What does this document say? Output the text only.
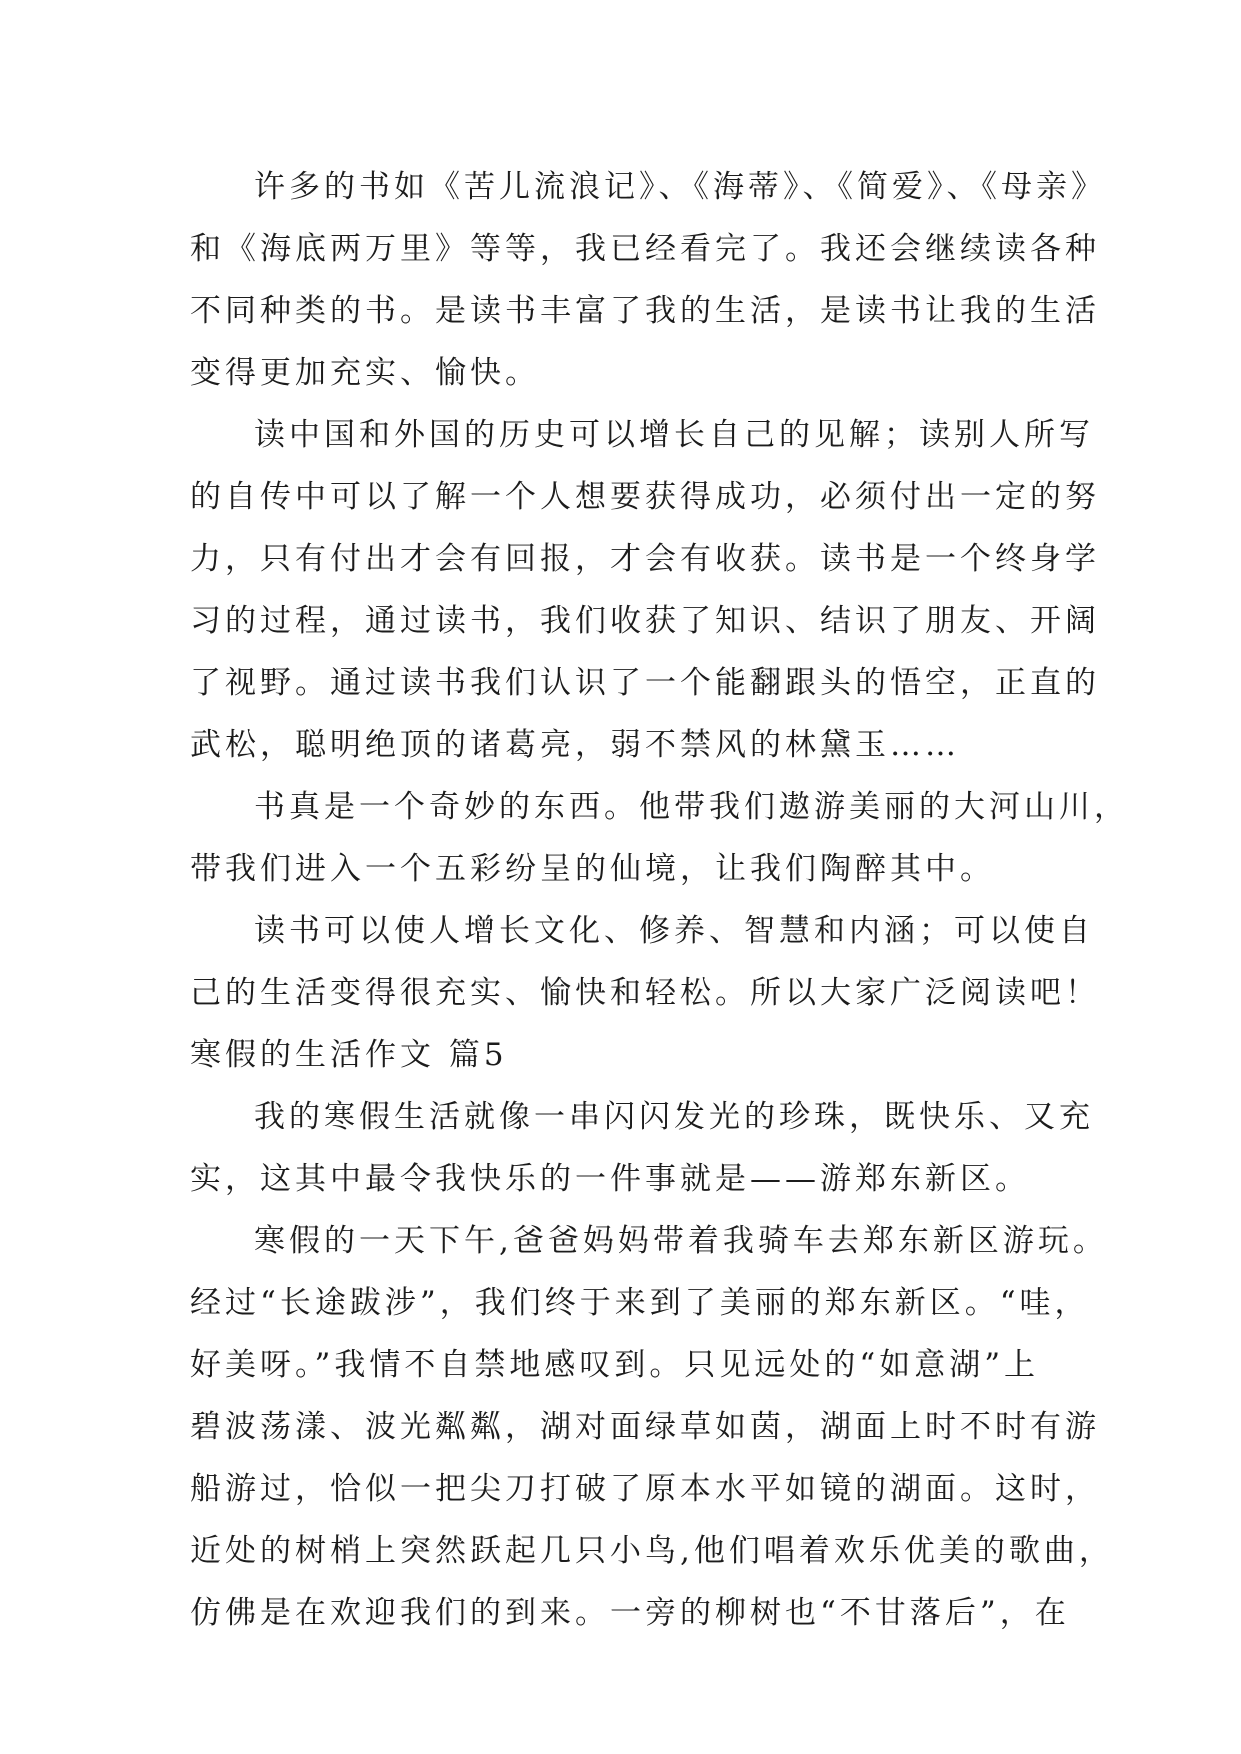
许多的书如《苦儿流浪记》、《海蒂》、《简爱》、《母亲》
和《海底两万里》等等，我已经看完了。我还会继续读各种
不同种类的书。是读书丰富了我的生活，是读书让我的生活
变得更加充实、愉快。
读中国和外国的历史可以增长自己的见解；读别人所写
的自传中可以了解一个人想要获得成功，必须付出一定的努
力，只有付出才会有回报，才会有收获。读书是一个终身学
习的过程，通过读书，我们收获了知识、结识了朋友、开阔
了视野。通过读书我们认识了一个能翻跟头的悟空，正直的
武松，聪明绝顶的诸葛亮，弱不禁风的林黛玉……
书真是一个奇妙的东西。他带我们遨游美丽的大河山川，
带我们进入一个五彩纷呈的仙境，让我们陶醉其中。
读书可以使人增长文化、修养、智慧和内涵；可以使自
己的生活变得很充实、愉快和轻松。所以大家广泛阅读吧！
寒假的生活作文 篇5
我的寒假生活就像一串闪闪发光的珍珠，既快乐、又充
实，这其中最令我快乐的一件事就是——游郑东新区。
寒假的一天下午,爸爸妈妈带着我骑车去郑东新区游玩。
经过“长途跋涉”，我们终于来到了美丽的郑东新区。“哇，
好美呀。”我情不自禁地感叹到。只见远处的“如意湖”上
碧波荡漾、波光粼粼，湖对面绿草如茵，湖面上时不时有游
船游过，恰似一把尖刀打破了原本水平如镜的湖面。这时，
近处的树梢上突然跃起几只小鸟,他们唱着欢乐优美的歌曲，
仿佛是在欢迎我们的到来。一旁的柳树也“不甘落后”，在
